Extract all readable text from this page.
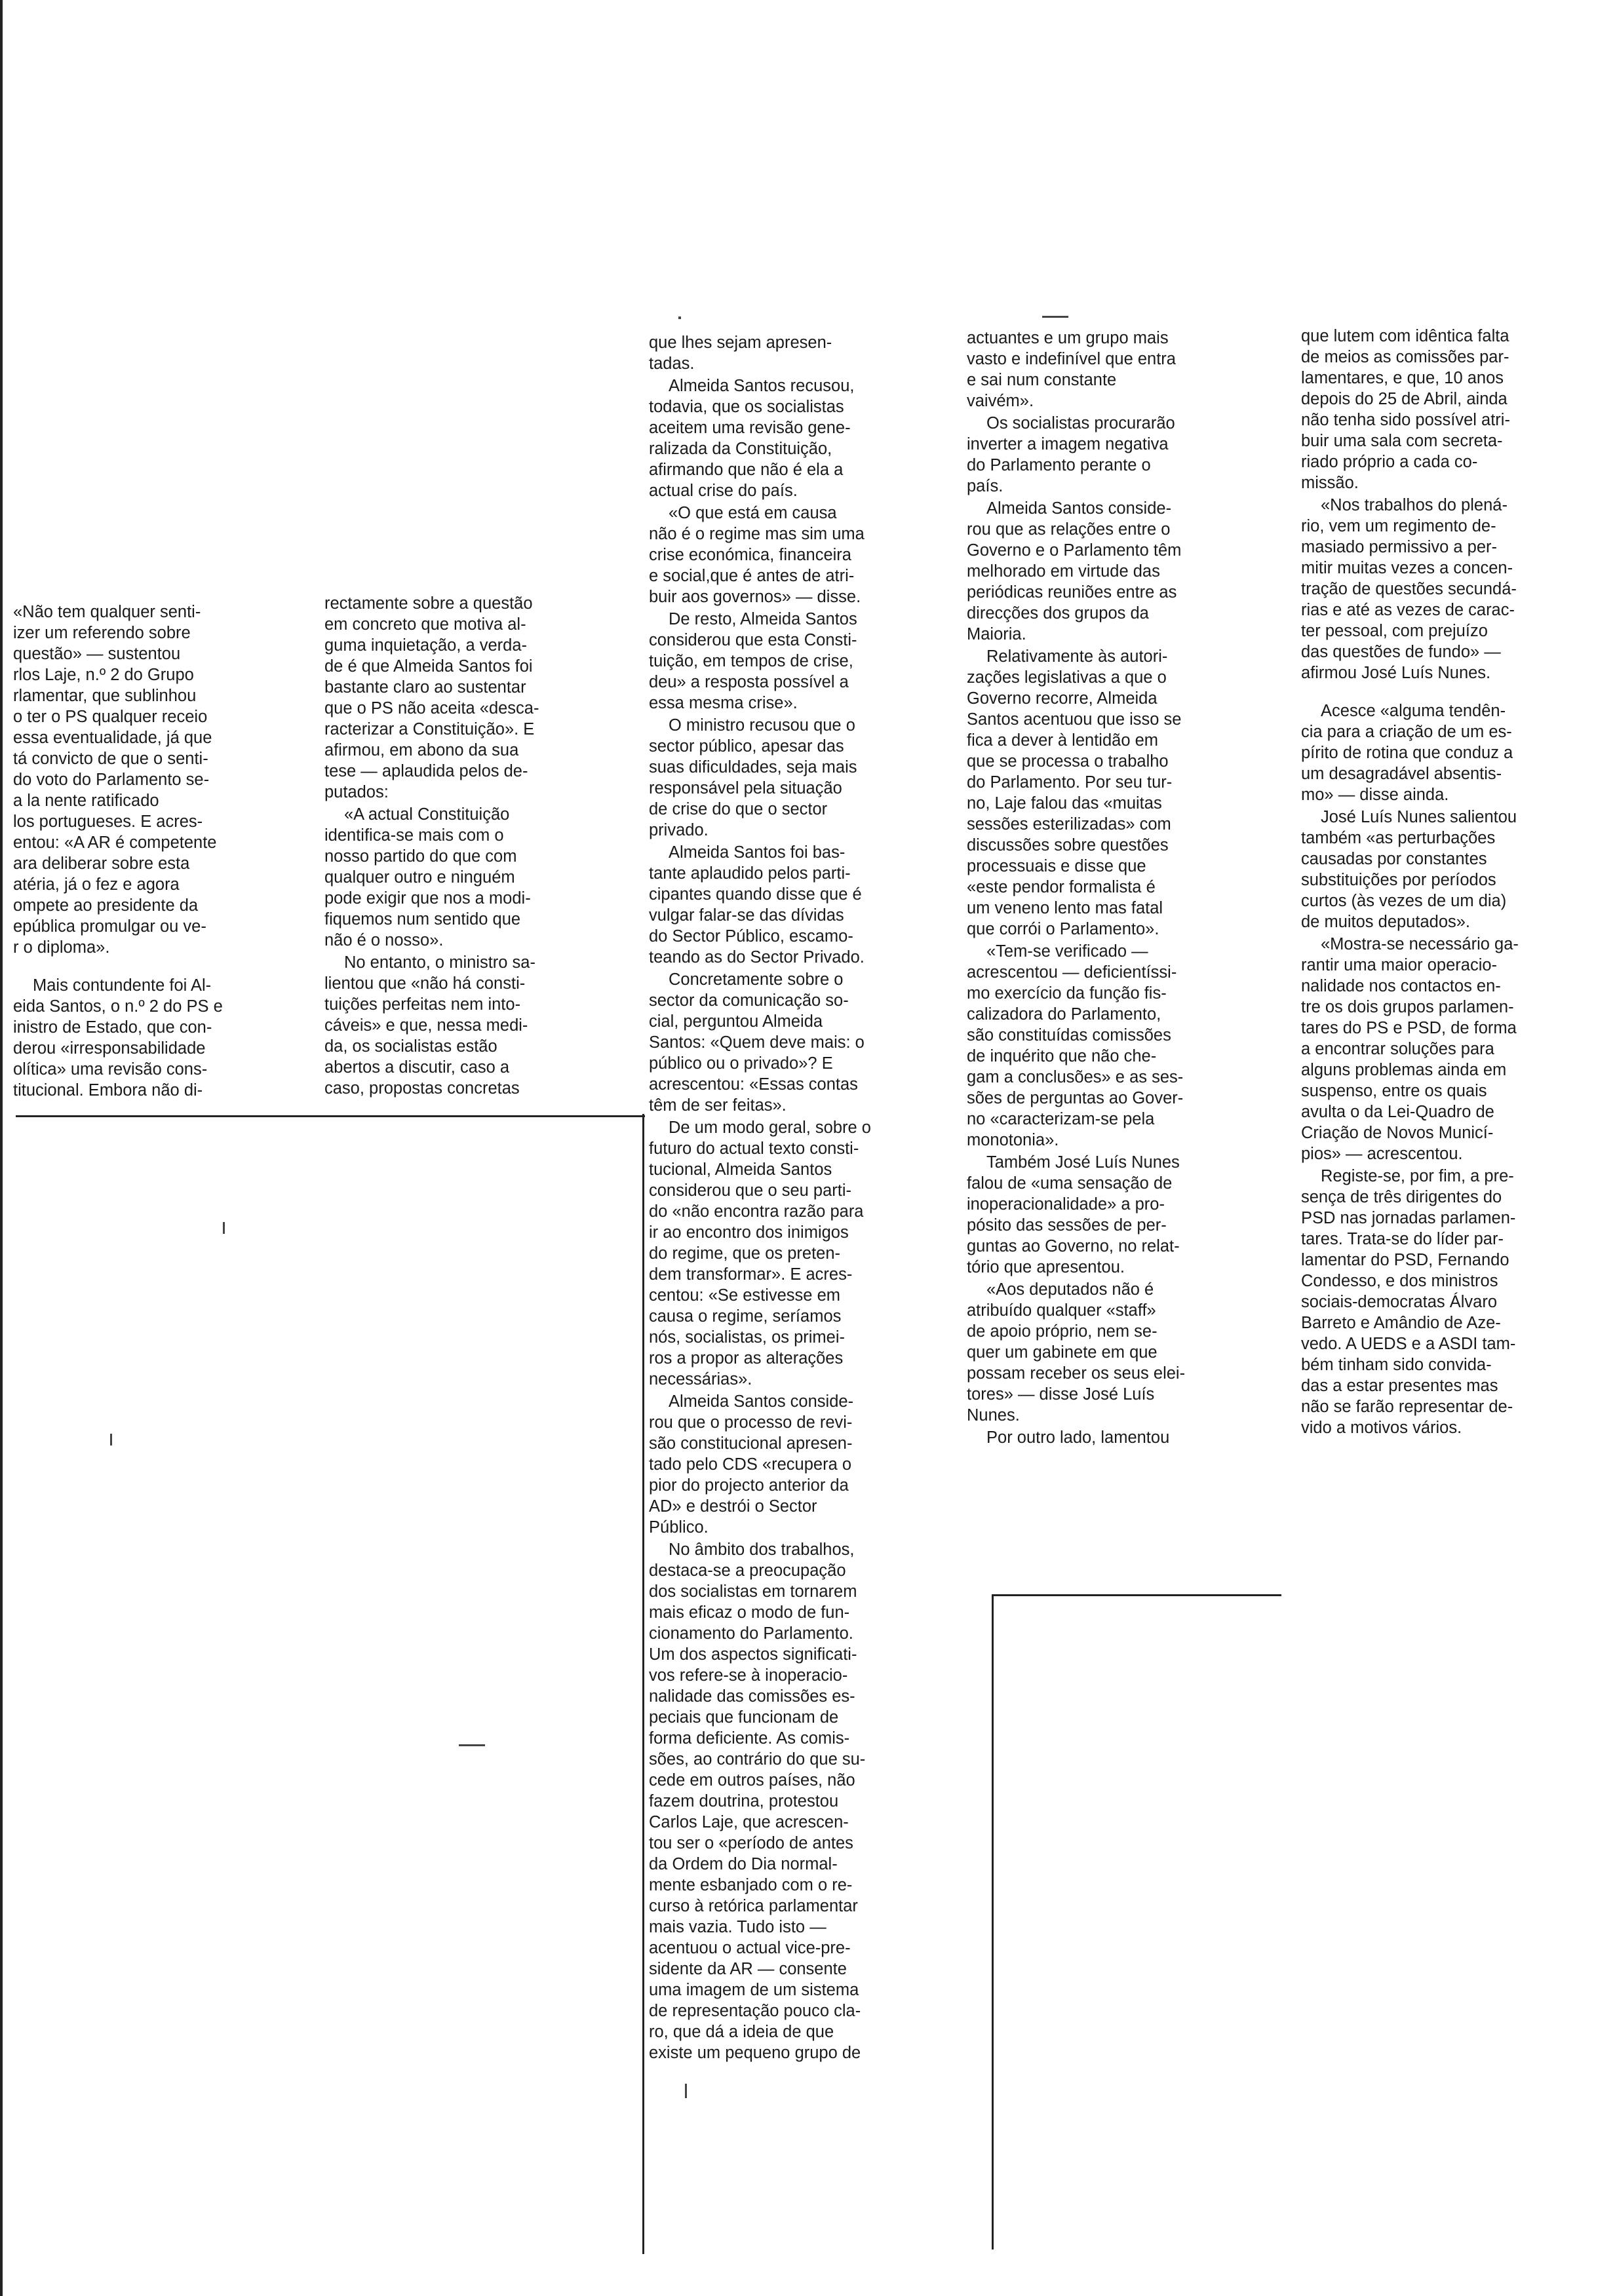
«Não tem qualquer senti-
izer um referendo sobre
questão» — sustentou
rlos Laje, n.º 2 do Grupo
rlamentar, que sublinhou
o ter o PS qualquer receio
essa eventualidade, já que
tá convicto de que o senti-
do voto do Parlamento se-
a la nente ratificado
los portugueses. E acres-
entou: «A AR é competente
ara deliberar sobre esta
atéria, já o fez e agora
ompete ao presidente da
epública promulgar ou ve-
r o diploma».

Mais contundente foi Al-
eida Santos, o n.º 2 do PS e
inistro de Estado, que con-
derou «irresponsabilidade
olítica» uma revisão cons-
titucional. Embora não di-

rectamente sobre a questão
em concreto que motiva al-
guma inquietação, a verda-
de é que Almeida Santos foi
bastante claro ao sustentar
que o PS não aceita «desca-
racterizar a Constituição». E
afirmou, em abono da sua
tese — aplaudida pelos de-
putados:

«A actual Constituição
identifica-se mais com o
nosso partido do que com
qualquer outro e ninguém
pode exigir que nos a modi-
fiquemos num sentido que
não é o nosso».

No entanto, o ministro sa-
lientou que «não há consti-
tuições perfeitas nem into-
cáveis» e que, nessa medi-
da, os socialistas estão
abertos a discutir, caso a
caso, propostas concretas

que lhes sejam apresen-
tadas.

Almeida Santos recusou,
todavia, que os socialistas
aceitem uma revisão gene-
ralizada da Constituição,
afirmando que não é ela a
actual crise do país.

«O que está em causa
não é o regime mas sim uma
crise económica, financeira
e social,que é antes de atri-
buir aos governos» — disse.

De resto, Almeida Santos
considerou que esta Consti-
tuição, em tempos de crise,
deu» a resposta possível a
essa mesma crise».

O ministro recusou que o
sector público, apesar das
suas dificuldades, seja mais
responsável pela situação
de crise do que o sector
privado.

Almeida Santos foi bas-
tante aplaudido pelos parti-
cipantes quando disse que é
vulgar falar-se das dívidas
do Sector Público, escamo-
teando as do Sector Privado.

Concretamente sobre o
sector da comunicação so-
cial, perguntou Almeida
Santos: «Quem deve mais: o
público ou o privado»? E
acrescentou: «Essas contas
têm de ser feitas».

De um modo geral, sobre o
futuro do actual texto consti-
tucional, Almeida Santos
considerou que o seu parti-
do «não encontra razão para
ir ao encontro dos inimigos
do regime, que os preten-
dem transformar». E acres-
centou: «Se estivesse em
causa o regime, seríamos
nós, socialistas, os primei-
ros a propor as alterações
necessárias».

Almeida Santos conside-
rou que o processo de revi-
são constitucional apresen-
tado pelo CDS «recupera o
pior do projecto anterior da
AD» e destrói o Sector
Público.

No âmbito dos trabalhos,
destaca-se a preocupação
dos socialistas em tornarem
mais eficaz o modo de fun-
cionamento do Parlamento.
Um dos aspectos significati-
vos refere-se à inoperacio-
nalidade das comissões es-
peciais que funcionam de
forma deficiente. As comis-
sões, ao contrário do que su-
cede em outros países, não
fazem doutrina, protestou
Carlos Laje, que acrescen-
tou ser o «período de antes
da Ordem do Dia normal-
mente esbanjado com o re-
curso à retórica parlamentar
mais vazia. Tudo isto —
acentuou o actual vice-pre-
sidente da AR — consente
uma imagem de um sistema
de representação pouco cla-
ro, que dá a ideia de que
existe um pequeno grupo de

actuantes e um grupo mais
vasto e indefinível que entra
e sai num constante
vaivém».

Os socialistas procurarão
inverter a imagem negativa
do Parlamento perante o
país.

Almeida Santos conside-
rou que as relações entre o
Governo e o Parlamento têm
melhorado em virtude das
periódicas reuniões entre as
direcções dos grupos da
Maioria.

Relativamente às autori-
zações legislativas a que o
Governo recorre, Almeida
Santos acentuou que isso se
fica a dever à lentidão em
que se processa o trabalho
do Parlamento. Por seu tur-
no, Laje falou das «muitas
sessões esterilizadas» com
discussões sobre questões
processuais e disse que
«este pendor formalista é
um veneno lento mas fatal
que corrói o Parlamento».

«Tem-se verificado —
acrescentou — deficientíssi-
mo exercício da função fis-
calizadora do Parlamento,
são constituídas comissões
de inquérito que não che-
gam a conclusões» e as ses-
sões de perguntas ao Gover-
no «caracterizam-se pela
monotonia».

Também José Luís Nunes
falou de «uma sensação de
inoperacionalidade» a pro-
pósito das sessões de per-
guntas ao Governo, no relat-
tório que apresentou.

«Aos deputados não é
atribuído qualquer «staff»
de apoio próprio, nem se-
quer um gabinete em que
possam receber os seus elei-
tores» — disse José Luís
Nunes.

Por outro lado, lamentou

que lutem com idêntica falta
de meios as comissões par-
lamentares, e que, 10 anos
depois do 25 de Abril, ainda
não tenha sido possível atri-
buir uma sala com secreta-
riado próprio a cada co-
missão.

«Nos trabalhos do plená-
rio, vem um regimento de-
masiado permissivo a per-
mitir muitas vezes a concen-
tração de questões secundá-
rias e até as vezes de carac-
ter pessoal, com prejuízo
das questões de fundo» —
afirmou José Luís Nunes.

Acesce «alguma tendên-
cia para a criação de um es-
pírito de rotina que conduz a
um desagradável absentis-
mo» — disse ainda.

José Luís Nunes salientou
também «as perturbações
causadas por constantes
substituições por períodos
curtos (às vezes de um dia)
de muitos deputados».

«Mostra-se necessário ga-
rantir uma maior operacio-
nalidade nos contactos en-
tre os dois grupos parlamen-
tares do PS e PSD, de forma
a encontrar soluções para
alguns problemas ainda em
suspenso, entre os quais
avulta o da Lei-Quadro de
Criação de Novos Municí-
pios» — acrescentou.

Registe-se, por fim, a pre-
sença de três dirigentes do
PSD nas jornadas parlamen-
tares. Trata-se do líder par-
lamentar do PSD, Fernando
Condesso, e dos ministros
sociais-democratas Álvaro
Barreto e Amândio de Aze-
vedo. A UEDS e a ASDI tam-
bém tinham sido convida-
das a estar presentes mas
não se farão representar de-
vido a motivos vários.
